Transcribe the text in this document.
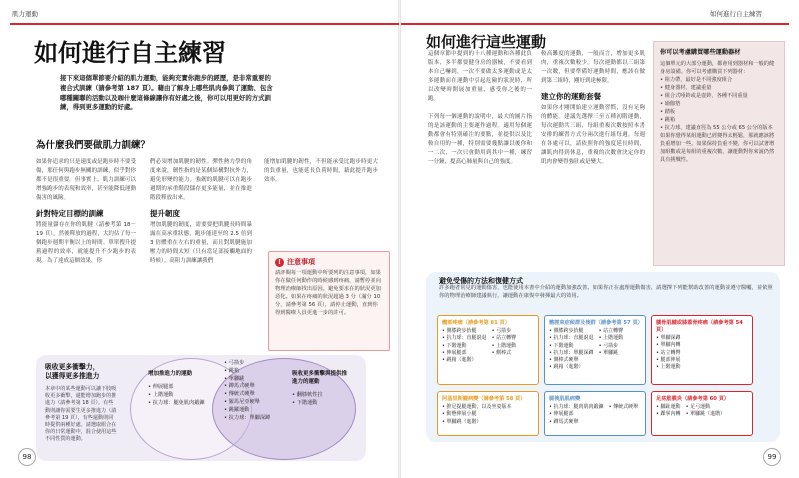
肌力運動
如何進行自主練習
接下來這個單節要介紹的肌力運動，能夠充實你跑步的經歷，是非常重要的複合式訓練（請參考第 187 頁）。藉由了解身上哪些肌肉參與了運動、包含哪種關聯的活動以及咖什麼這條線讓你有好處之後，你可以用更好的方式訓練，得到更多運動的好處。
為什麼我們要做肌力訓練？
如果你追求的只是速度或是跑步時不要受傷，那任何與跑步無關的訓練，似乎對你都不是很重要。但事實上，肌力訓練可以增強跑步的表現和效率，甚至能降低運動傷害的風險。
針對特定目標的訓練
將能量儲存在你的肌腱（請參考第 18－19 頁），然後釋放的過程，大約佔了每一個跑步週期平衡以上的時間。單單搜升提舊過程的效率，就能提升不少跑步的表現。為了達成這個效果，你
們必須增加肌腱的韌性。彈性熱力學的角度來說，韌性指的是某個結構對抗外力，避免形變的能力。強韌的肌腱可以在跑步週期的承重階段儲存更多能量，並在推進階段釋放出來。
提升韌度
增加肌腱的韌度，需要要把肌腱長時間暴露在高承重狀態，跑步能達至的 2.5 倍到 3 倍體重在左右的重量，而且對肌腱施加壓力的時間太短（只有當足部接觸地面的時候）。高阻力訓練讓我們
能增加肌腱的韌性，不但能承受比跑步時更大的負重量，也能延長負荷時間，藉此提升跑步效率。
! 注意事項
請評閱每一項運動中所要列的注意事項，如果你在做任何動作的時候感到疼痛，請暫停並向物理治療師找出原因。避免要求在的狀況更加惡化。如果在疼痛的狀況超過 3 分（滿分 10 分，請參考第 56 頁），請停止運動，直到你得到醫療人員更進一步的許可。
吸收更多衝擊力，以獲得更多推進力
本章中的某些運動可以讓下肢吸收更多衝擊，還能增加跑步的推進力（請參考第 18 頁）。有些動則讓你需要生更多推進力（請參考第 19 頁），有些還動則同時提供兩種好處。請選取組合在你的日常運動中，混合使用這些不同性質的運動。
增加推進力的運動
• 伸展腿部
• 上階運動
• 抗力球：腿免肌肉鍛鍊
• 弓箭步
• 跳箱
• 單腳跳
• 蹲馬式硬舉
• 傳統式硬舉
• 羅馬尼亞硬舉
• 跳躍運動
• 抗力球：單腳深蹲
吸收更多衝擊與提供推進力的運動
• 翻膝軟性拉
• 下階運動
98
如何進行自主練習
如何進行這些運動
這個章節中提到的十八種運動和各種此負版本，多半都要健身房的器械，不要看到本自己嚇到，一次不要做太多運動或是太多運動而在運動中引起危險的狀況時，所以改變時開展加重量、感受你之後的一跑。

下列每一個運動的說明中，最大的圖片指的是該運動的主要運作過程。適用每個運動都會有特別確注的要點，並提供以及比較自用的一種，特別需要幾點讓以後你和一二次，一次只會動用到其中一種，練習一分鐘，提高心肺量與自己的強度。
較高難度的運動，一般而言，增加更多肌肉，重複次數較少。每次運動都以三組第一次數，但要準備好運動時間，應該在做到第三組時，剛好到達極限。
建立你的運動套餐
如果你才剛開始建立運動習慣，沒有足夠的體能。建議先選擇三至五種初階運動，每次運動共三組，每組重複次數按照本書安排的練習方式分兩次進行組每週。每週在各處可以，請依照你的強度延長時間，讓肌肉得到休息，重複的次數會決定你的肌肉會變得強壯或是變大。
你可以考慮購買哪些運動器材
這個單元的大部分運動，都會用到器材和一般的健身房設備。你可以考慮購買下列器材：
• 阻力帶，最好是不同強度組合
• 健身器材，建議重量
• 組合式啞鈴或是壺鈴，各種不同重量
• 瑜伽墊
• 踏板
• 跳箱
• 抗力球，建議直徑為 55 公分或 65 公分的版本
如果你覺得某組運動已經變得太輕鬆，那就應該將負重增加一些。如果保持負重不變，你可以試著增加組數或是每組的重複次數，讓運動對你來說仍然具有挑戰性。
避免受傷的方法和復健方式
許多跑者常見的運動傷害，也能使用本書中介紹的運動加強改善。如果你正在處理運動傷害，請選擇下列能幫助改善的運動並遵守醫囑，並依照你的物理治療師建議執行，讓運動在康復中發揮最大的效用。
髖部疼痛（請參考第 61 頁）
• 側膝跨步抬腿
• 抗力球：直腿滾退
• 下階運動
• 伸展腿部
• 跳箱（進階）
• 弓箭步
• 站立轉臀
• 上階運動
• 側棒式
髂脛束症候群及後群（請參考第 57 頁）
• 側膝跨步抬腿
• 抗力球：直腿滾退
• 下階運動
• 抗力球：單腿深蹲
• 側棒式硬舉
• 跳箱（進階）
• 站立轉臀
• 上階運動
• 弓箭步
• 單腳跳
臏骨肌腱或膝蓋骨疼痛（請參考第 54 頁）
• 單腳深蹲
• 單腳內轉
• 站立轉臀
• 腿部伸展
• 上階運動
阿基里斯腱病變（請參考第 58 頁）
• 推足提腿運動，以及坐姿版本
• 動態伸展小腿
• 單腳跳（進階）
腿後肌肌病變
• 抗力球：腿肉肌肉鍛鍊
• 伸展腿部
• 蹲馬式硬舉
• 傳統式硬舉
足底筋膜炎（請參考第 60 頁）
• 腳趾運動
• 踝掌內轉
• 足弓運動
• 單腳跳（進階）
99
